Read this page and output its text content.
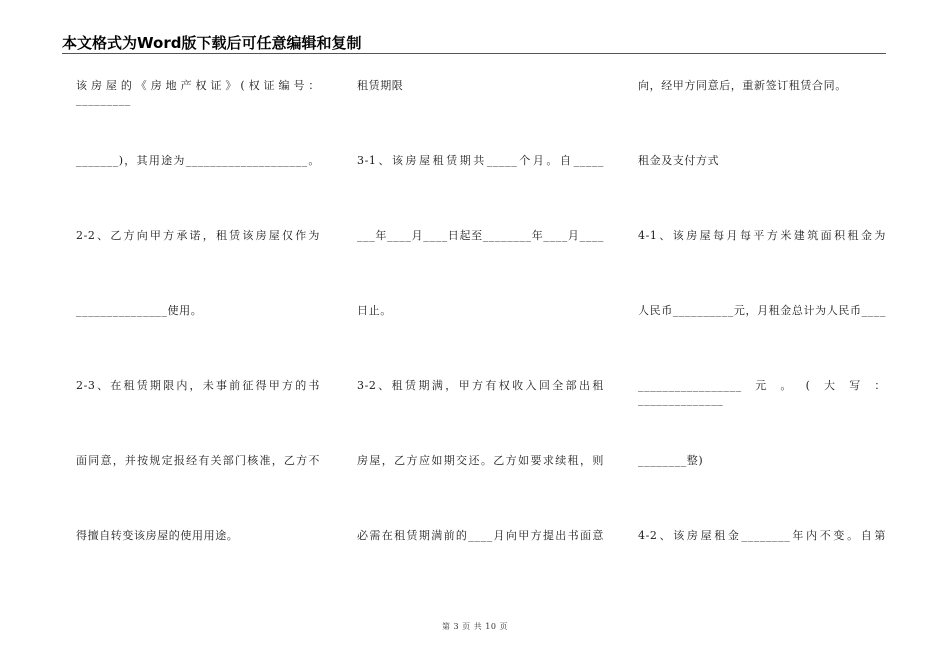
本文格式为Word版下载后可任意编辑和复制
该房屋的《房地产权证》(权证编号：_________
_______)，其用途为____________________。
2-2、乙方向甲方承诺，租赁该房屋仅作为
_______________使用。
2-3、在租赁期限内，未事前征得甲方的书
面同意，并按规定报经有关部门核准，乙方不
得擅自转变该房屋的使用用途。
租赁期限
3-1、该房屋租赁期共_____个月。自_____
___年____月____日起至________年____月____
日止。
3-2、租赁期满，甲方有权收入回全部出租
房屋，乙方应如期交还。乙方如要求续租，则
必需在租赁期满前的____月向甲方提出书面意
向，经甲方同意后，重新签订租赁合同。
租金及支付方式
4-1、该房屋每月每平方米建筑面积租金为
人民币__________元，月租金总计为人民币____
_________________元。(大写：______________
________整)
4-2、该房屋租金________年内不变。自第
第 3 页 共 10 页
